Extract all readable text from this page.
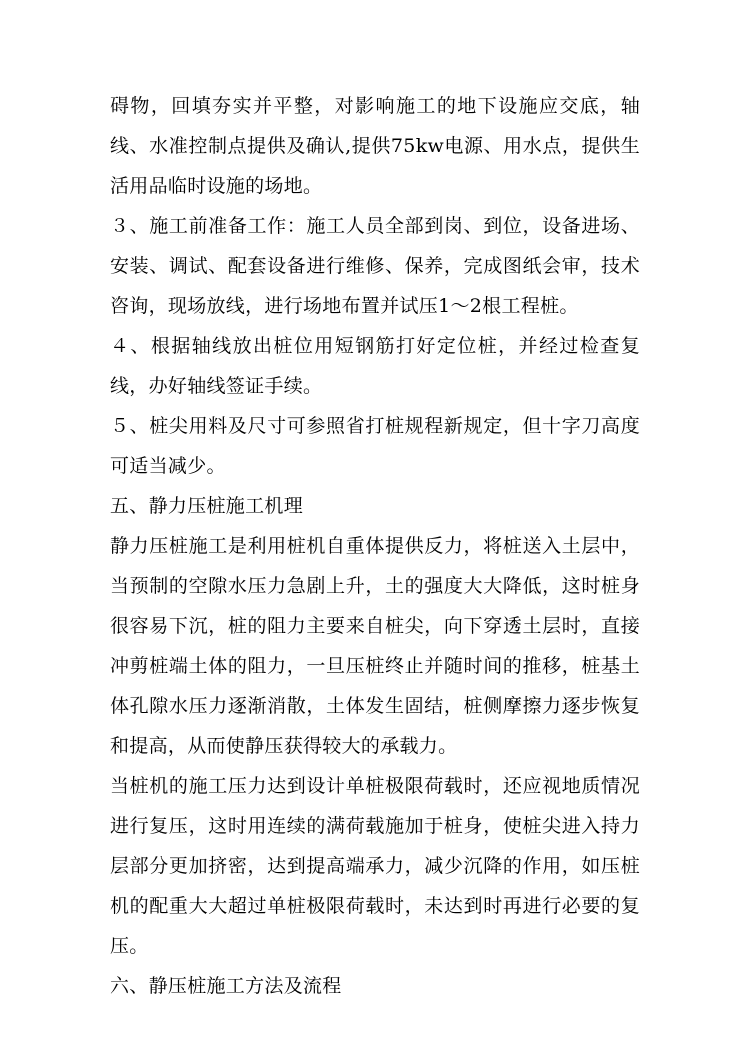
碍物，回填夯实并平整，对影响施工的地下设施应交底，轴线、水准控制点提供及确认,提供75kw电源、用水点，提供生活用品临时设施的场地。

３、施工前准备工作：施工人员全部到岗、到位，设备进场、安装、调试、配套设备进行维修、保养，完成图纸会审，技术咨询，现场放线，进行场地布置并试压1～2根工程桩。

４、根据轴线放出桩位用短钢筋打好定位桩，并经过检查复线，办好轴线签证手续。

５、桩尖用料及尺寸可参照省打桩规程新规定，但十字刀高度可适当减少。

五、静力压桩施工机理

静力压桩施工是利用桩机自重体提供反力，将桩送入土层中，当预制的空隙水压力急剧上升，土的强度大大降低，这时桩身很容易下沉，桩的阻力主要来自桩尖，向下穿透土层时，直接冲剪桩端土体的阻力，一旦压桩终止并随时间的推移，桩基土体孔隙水压力逐渐消散，土体发生固结，桩侧摩擦力逐步恢复和提高，从而使静压获得较大的承载力。

当桩机的施工压力达到设计单桩极限荷载时，还应视地质情况进行复压，这时用连续的满荷载施加于桩身，使桩尖进入持力层部分更加挤密，达到提高端承力，减少沉降的作用，如压桩机的配重大大超过单桩极限荷载时，未达到时再进行必要的复压。

六、静压桩施工方法及流程
